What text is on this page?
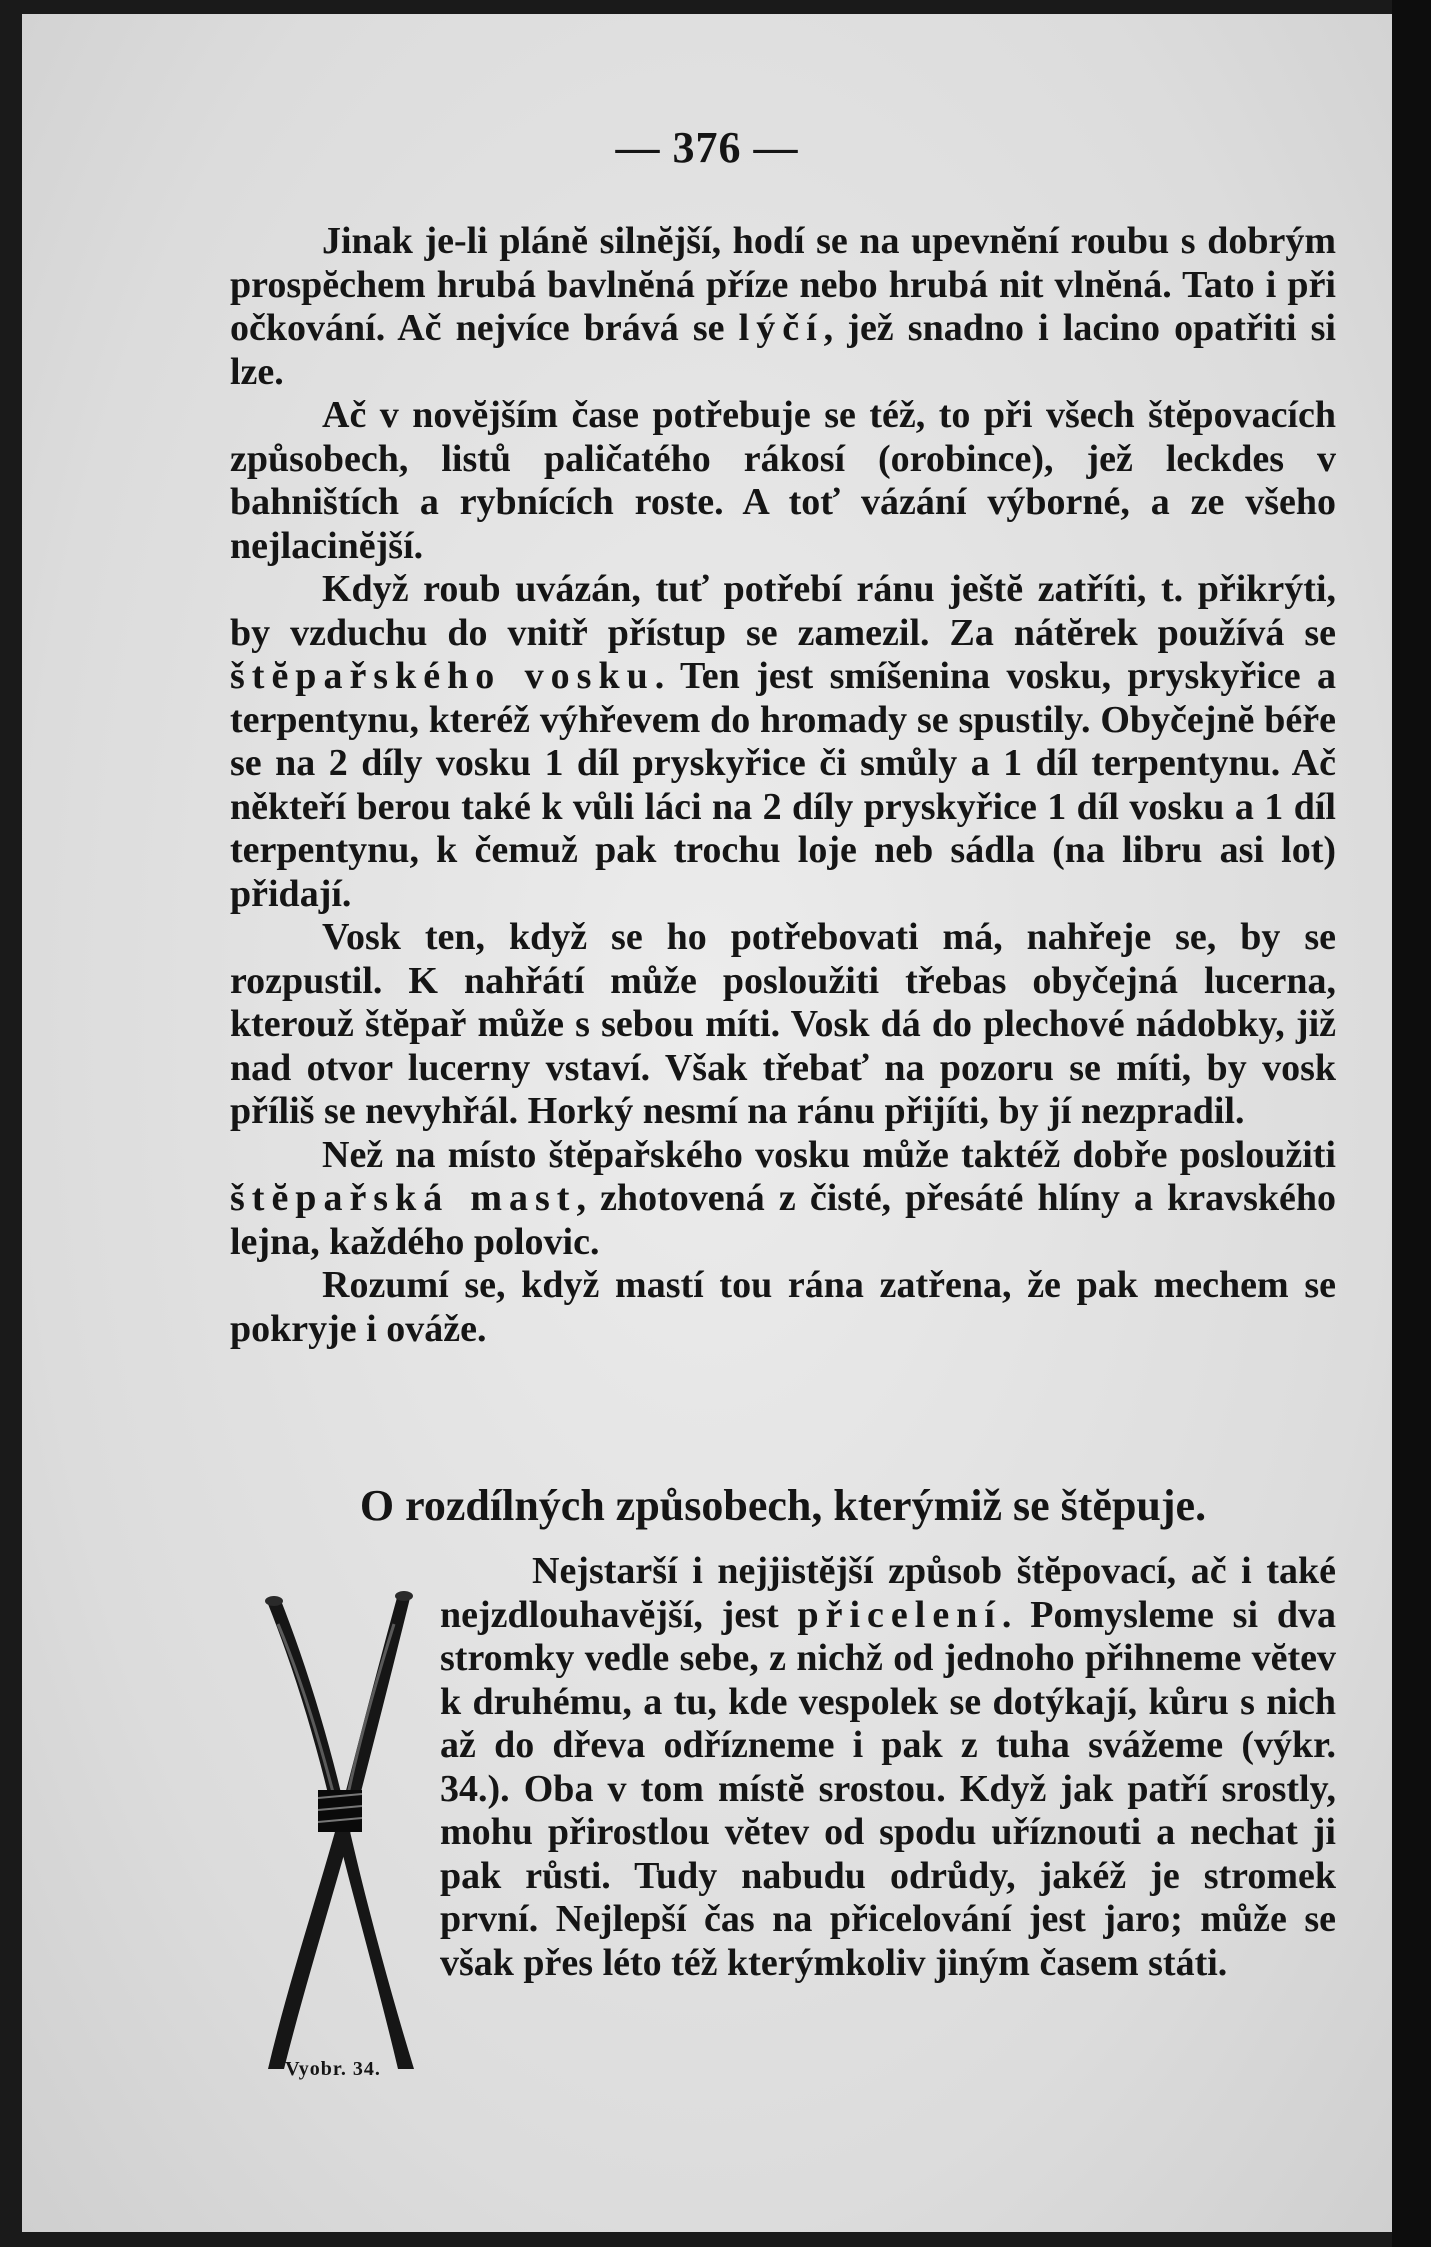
— 376 —

Jinak je-li plánĕ silnĕjší, hodí se na upevnĕní roubu s dobrým prospĕchem hrubá bavlnĕná příze nebo hrubá nit vlnĕná. Tato i při očkování. Ač nejvíce brává se lýčí, jež snadno i lacino opatřiti si lze.

Ač v novĕjším čase potřebuje se též, to při všech štĕpovacích způsobech, listů paličatého rákosí (orobince), jež leckdes v bahništích a rybnících roste. A toť vázání výborné, a ze všeho nejlacinĕjší.

Když roub uvázán, tuť potřebí ránu ještĕ zatříti, t. přikrýti, by vzduchu do vnitř přístup se zamezil. Za nátĕrek používá se štĕpařského vosku. Ten jest smíšenina vosku, pryskyřice a terpentynu, kteréž výhřevem do hromady se spustily. Obyčejnĕ béře se na 2 díly vosku 1 díl pryskyřice či smůly a 1 díl terpentynu. Ač někteří berou také k vůli láci na 2 díly pryskyřice 1 díl vosku a 1 díl terpentynu, k čemuž pak trochu loje neb sádla (na libru asi lot) přidají.

Vosk ten, když se ho potřebovati má, nahřeje se, by se rozpustil. K nahřátí může posloužiti třebas obyčejná lucerna, kterouž štĕpař může s sebou míti. Vosk dá do plechové nádobky, již nad otvor lucerny vstaví. Však třebať na pozoru se míti, by vosk příliš se nevyhřál. Horký nesmí na ránu přijíti, by jí nezpradil.

Než na místo štĕpařského vosku může taktéž dobře posloužiti štĕpařská mast, zhotovená z čisté, přesáté hlíny a kravského lejna, každého polovic.

Rozumí se, když mastí tou rána zatřena, že pak mechem se pokryje i ováže.

O rozdílných způsobech, kterýmiž se štĕpuje.
Vyobr. 34.

Nejstarší i nejjistĕjší způsob štĕpovací, ač i také nejzdlouhavĕjší, jest přicelení. Pomysleme si dva stromky vedle sebe, z nichž od jednoho přihneme vĕtev k druhému, a tu, kde vespolek se dotýkají, kůru s nich až do dřeva odřízneme i pak z tuha svážeme (výkr. 34.). Oba v tom místĕ srostou. Když jak patří srostly, mohu přirostlou vĕtev od spodu uříznouti a nechat ji pak růsti. Tudy nabudu odrůdy, jakéž je stromek první. Nejlepší čas na přicelování jest jaro; může se však přes léto též kterýmkoliv jiným časem státi.
